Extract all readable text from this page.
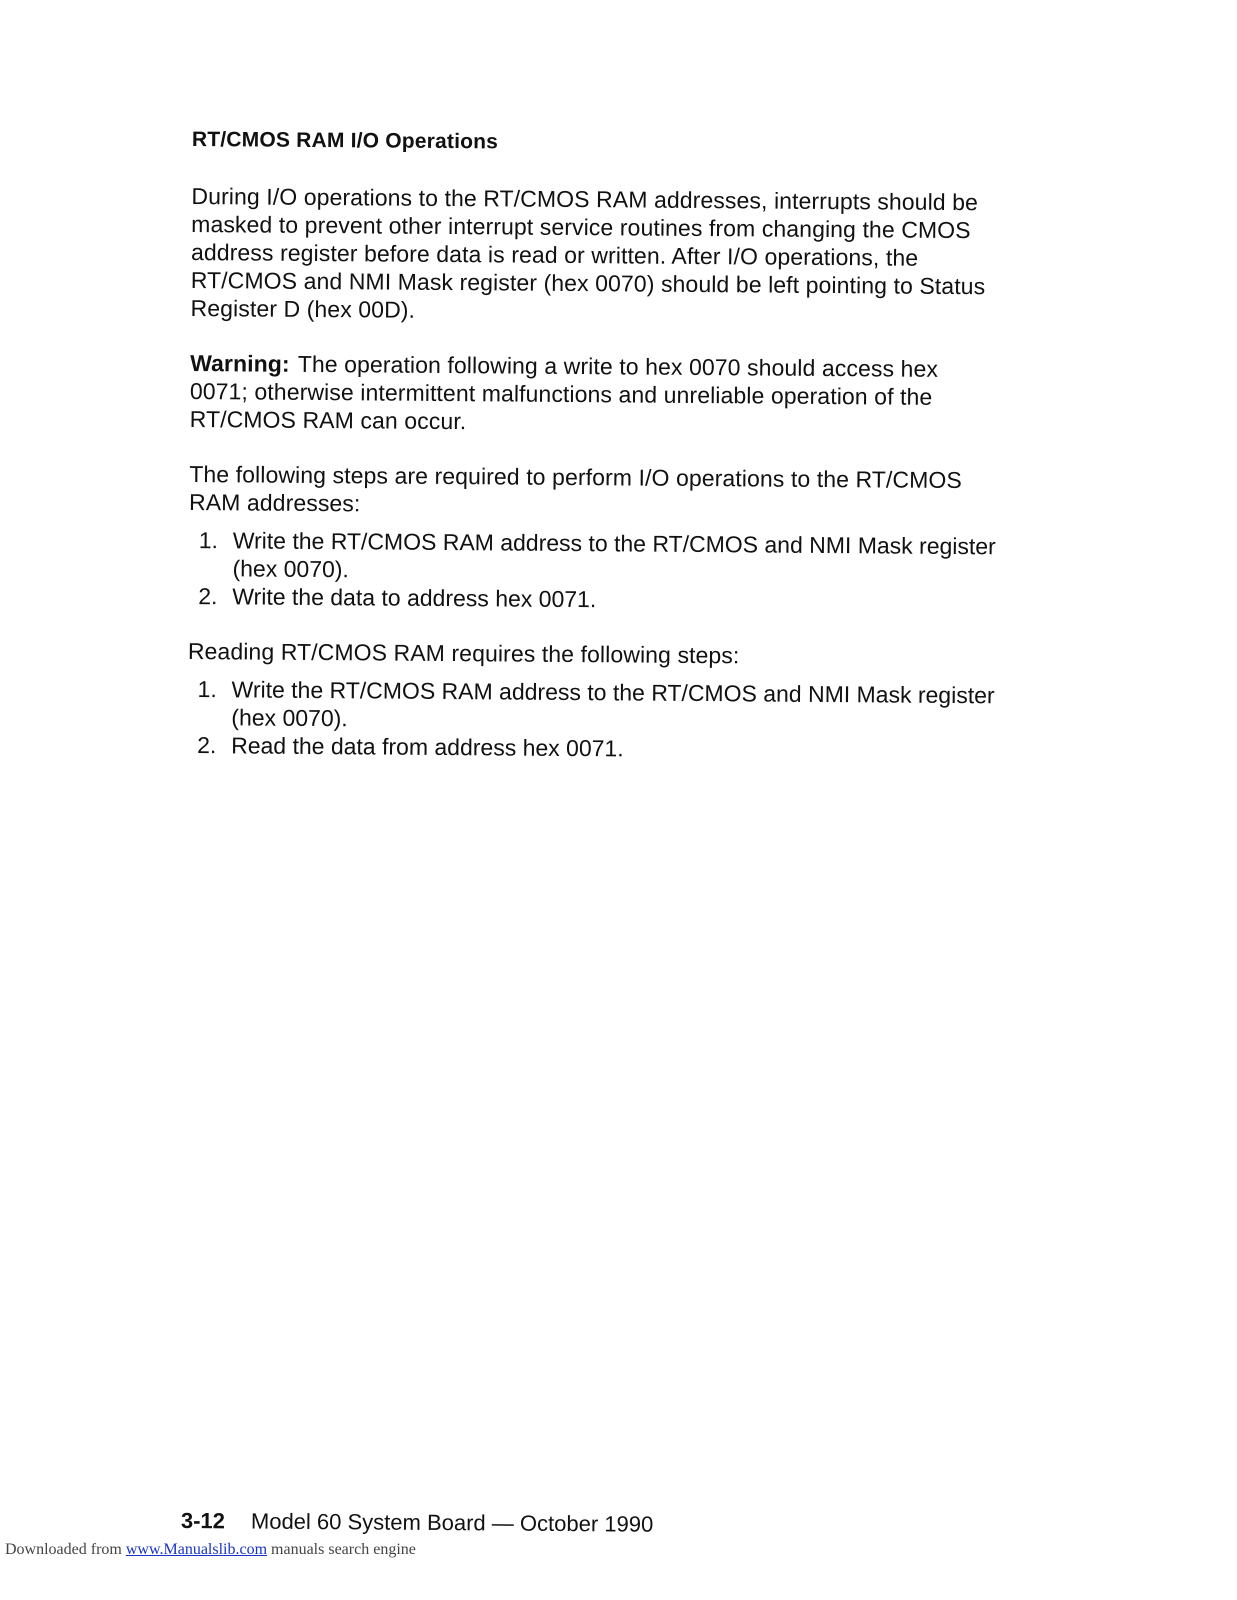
RT/CMOS RAM I/O Operations

During I/O operations to the RT/CMOS RAM addresses, interrupts should be masked to prevent other interrupt service routines from changing the CMOS address register before data is read or written. After I/O operations, the RT/CMOS and NMI Mask register (hex 0070) should be left pointing to Status Register D (hex 00D).

Warning: The operation following a write to hex 0070 should access hex 0071; otherwise intermittent malfunctions and unreliable operation of the RT/CMOS RAM can occur.

The following steps are required to perform I/O operations to the RT/CMOS RAM addresses:

1. Write the RT/CMOS RAM address to the RT/CMOS and NMI Mask register (hex 0070).
2. Write the data to address hex 0071.

Reading RT/CMOS RAM requires the following steps:

1. Write the RT/CMOS RAM address to the RT/CMOS and NMI Mask register (hex 0070).
2. Read the data from address hex 0071.
3-12 Model 60 System Board — October 1990
Downloaded from www.Manualslib.com manuals search engine
